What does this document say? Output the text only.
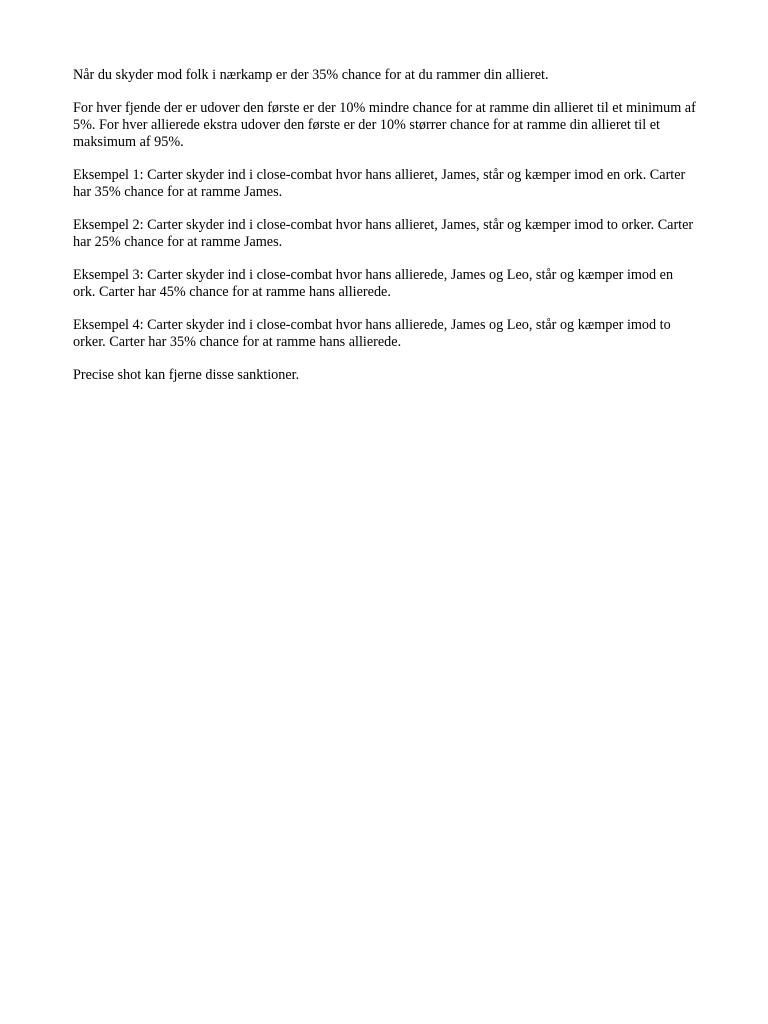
Når du skyder mod folk i nærkamp er der 35% chance for at du rammer din allieret.

For hver fjende der er udover den første er der 10% mindre chance for at ramme din allieret til et minimum af 5%. For hver allierede ekstra udover den første er der 10% størrer chance for at ramme din allieret til et maksimum af 95%.

Eksempel 1: Carter skyder ind i close-combat hvor hans allieret, James, står og kæmper imod en ork. Carter har 35% chance for at ramme James.

Eksempel 2: Carter skyder ind i close-combat hvor hans allieret, James, står og kæmper imod to orker. Carter har 25% chance for at ramme James.

Eksempel 3: Carter skyder ind i close-combat hvor hans allierede, James og Leo, står og kæmper imod en ork. Carter har 45% chance for at ramme hans allierede.

Eksempel 4: Carter skyder ind i close-combat hvor hans allierede, James og Leo, står og kæmper imod to orker. Carter har 35% chance for at ramme hans allierede.

Precise shot kan fjerne disse sanktioner.
